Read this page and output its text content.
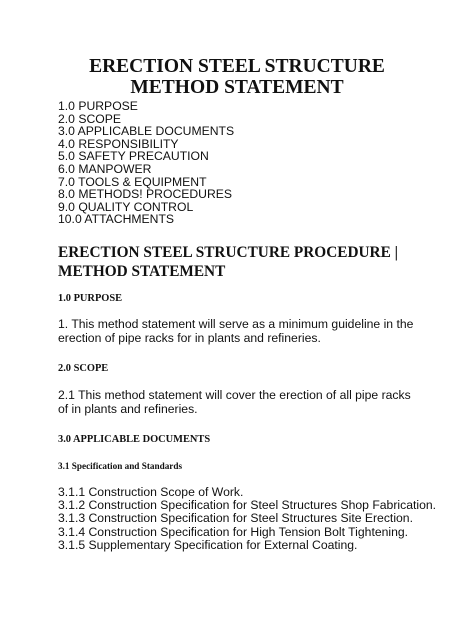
ERECTION STEEL STRUCTURE
METHOD STATEMENT
1.0 PURPOSE
2.0 SCOPE
3.0 APPLICABLE DOCUMENTS
4.0 RESPONSIBILITY
5.0 SAFETY PRECAUTION
6.0 MANPOWER
7.0 TOOLS & EQUIPMENT
8.0 METHODS! PROCEDURES
9.0 QUALITY CONTROL
10.0 ATTACHMENTS
ERECTION STEEL STRUCTURE PROCEDURE | METHOD STATEMENT
1.0 PURPOSE

1. This method statement will serve as a minimum guideline in the erection of pipe racks for in plants and refineries.

2.0 SCOPE

2.1 This method statement will cover the erection of all pipe racks of in plants and refineries.

3.0 APPLICABLE DOCUMENTS
3.1 Specification and Standards
3.1.1 Construction Scope of Work.
3.1.2 Construction Specification for Steel Structures Shop Fabrication.
3.1.3 Construction Specification for Steel Structures Site Erection.
3.1.4 Construction Specification for High Tension Bolt Tightening.
3.1.5 Supplementary Specification for External Coating.
